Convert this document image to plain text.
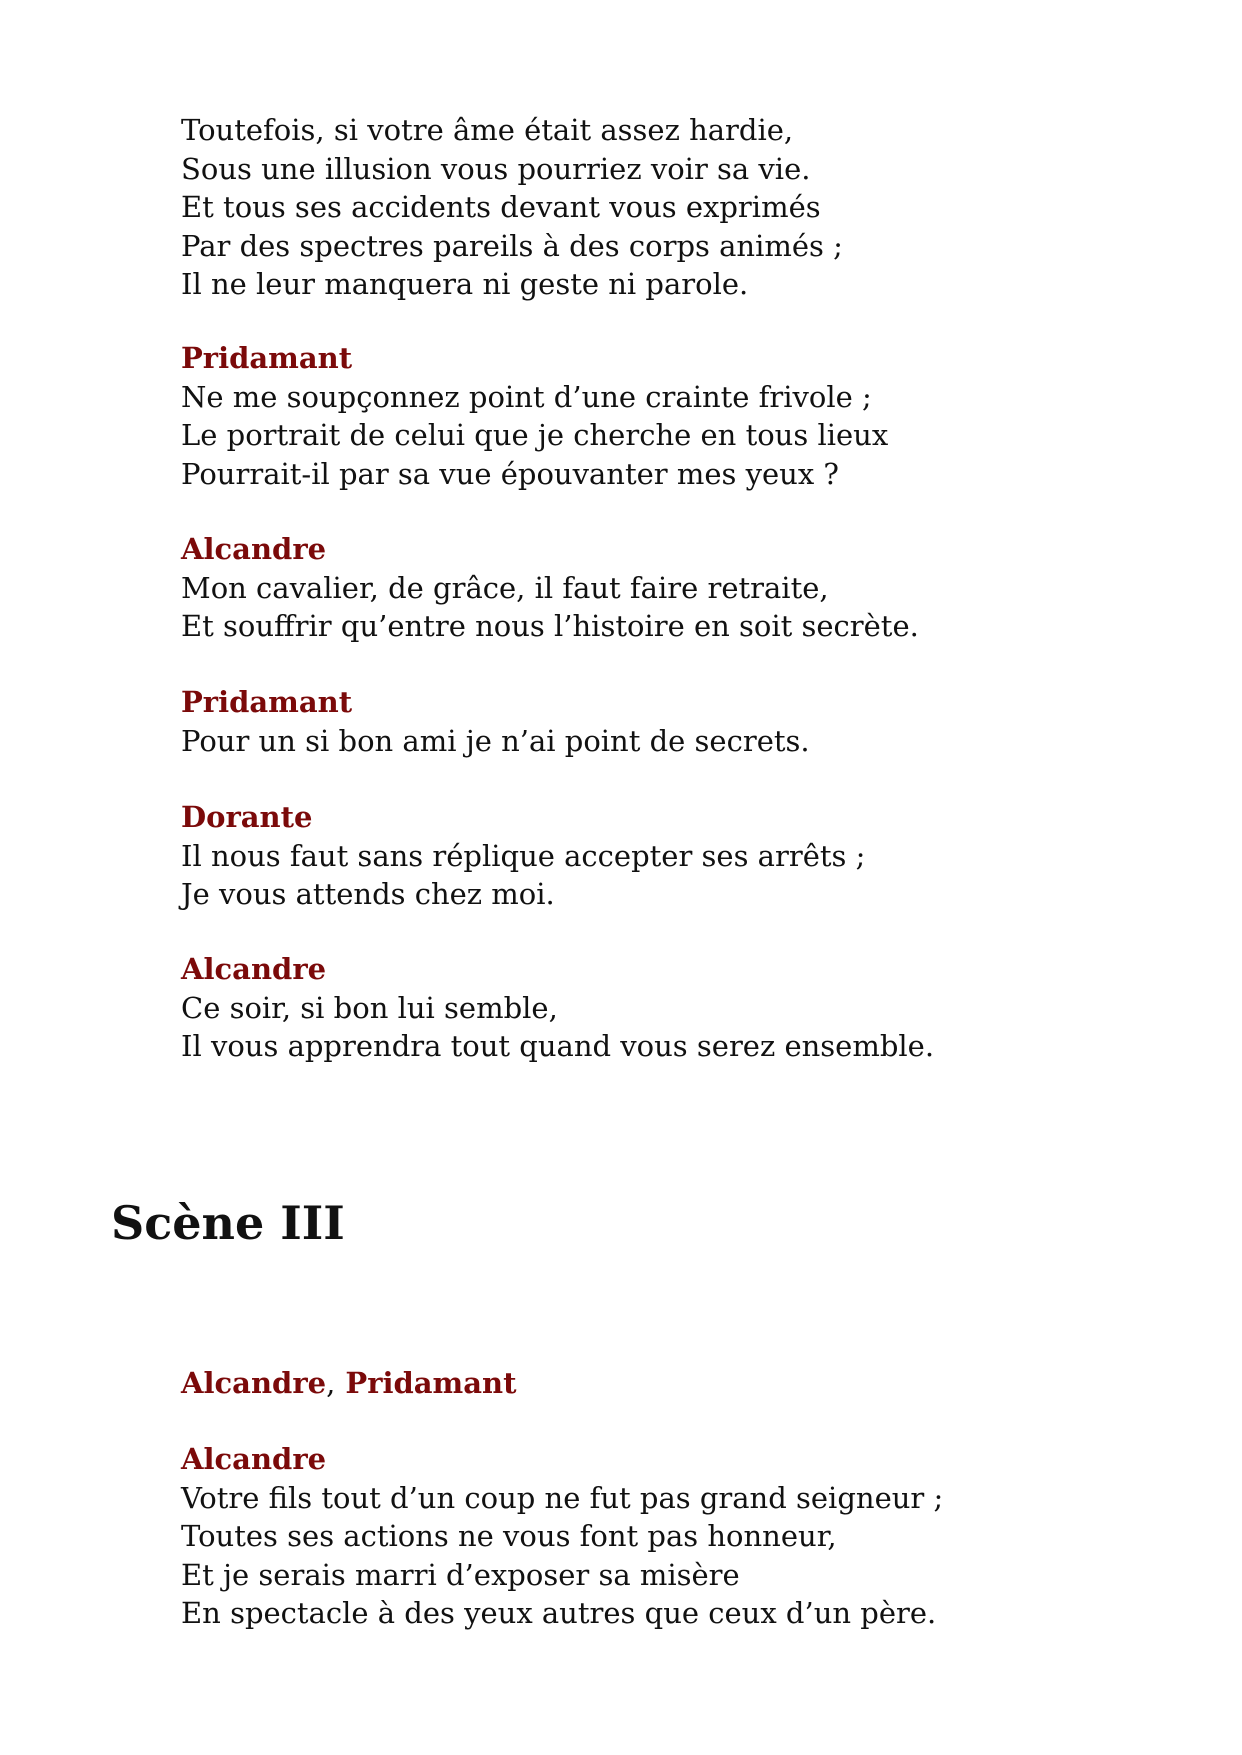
Toutefois, si votre âme était assez hardie,
Sous une illusion vous pourriez voir sa vie.
Et tous ses accidents devant vous exprimés
Par des spectres pareils à des corps animés ;
Il ne leur manquera ni geste ni parole.
Pridamant
Ne me soupçonnez point d’une crainte frivole ;
Le portrait de celui que je cherche en tous lieux
Pourrait-il par sa vue épouvanter mes yeux ?
Alcandre
Mon cavalier, de grâce, il faut faire retraite,
Et souffrir qu’entre nous l’histoire en soit secrète.
Pridamant
Pour un si bon ami je n’ai point de secrets.
Dorante
Il nous faut sans réplique accepter ses arrêts ;
Je vous attends chez moi.
Alcandre
Ce soir, si bon lui semble,
Il vous apprendra tout quand vous serez ensemble.
Scène III
Alcandre, Pridamant
Alcandre
Votre fils tout d’un coup ne fut pas grand seigneur ;
Toutes ses actions ne vous font pas honneur,
Et je serais marri d’exposer sa misère
En spectacle à des yeux autres que ceux d’un père.
